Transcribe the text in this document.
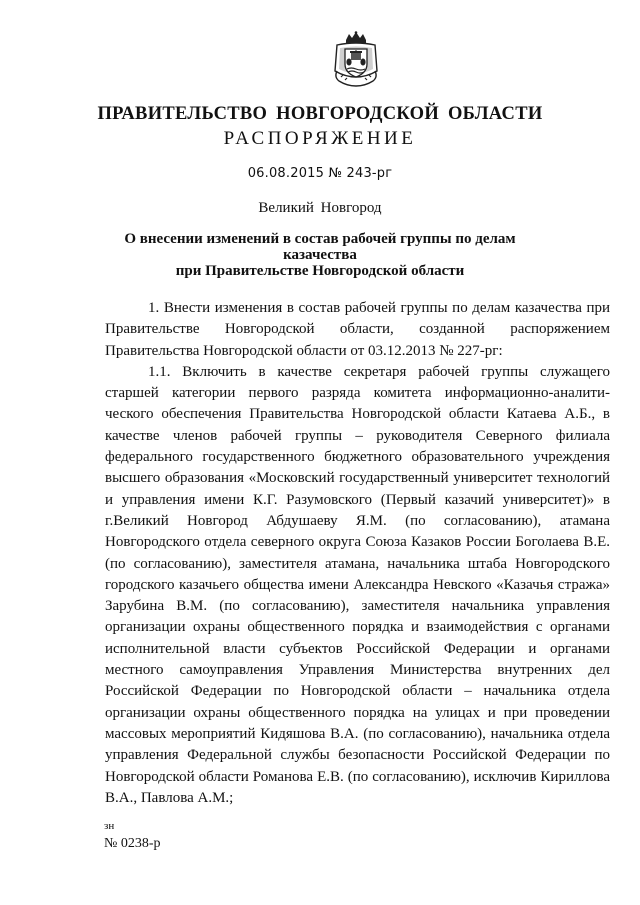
ПРАВИТЕЛЬСТВО НОВГОРОДСКОЙ ОБЛАСТИ
РАСПОРЯЖЕНИЕ
06.08.2015 № 243-рг
Великий Новгород
О внесении изменений в состав рабочей группы по делам казачества
при Правительстве Новгородской области

1. Внести изменения в состав рабочей группы по делам казачества при Правительстве Новгородской области, созданной распоряжением Правительства Новгородской области от 03.12.2013 № 227-рг:

1.1. Включить в качестве секретаря рабочей группы служащего старшей категории первого разряда комитета информационно-аналити-ческого обеспечения Правительства Новгородской области Катаева А.Б., в качестве членов рабочей группы – руководителя Северного филиала федерального государственного бюджетного образовательного учреждения высшего образования «Московский государственный университет технологий и управления имени К.Г. Разумовского (Первый казачий университет)» в г.Великий Новгород Абдушаеву Я.М. (по согласованию), атамана Новгородского отдела северного округа Союза Казаков России Боголаева В.Е. (по согласованию), заместителя атамана, начальника штаба Новгородского городского казачьего общества имени Александра Невского «Казачья стража» Зарубина В.М. (по согласованию), заместителя начальника управления организации охраны общественного порядка и взаимодействия с органами исполнительной власти субъектов Российской Федерации и органами местного самоуправления Управления Министерства внутренних дел Российской Федерации по Новгородской области – начальника отдела организации охраны общественного порядка на улицах и при проведении массовых мероприятий Кидяшова В.А. (по согласованию), начальника отдела управления Федеральной службы безопасности Российской Федерации по Новгородской области Романова Е.В. (по согласованию), исключив Кириллова В.А., Павлова А.М.;

зн
№ 0238-р
